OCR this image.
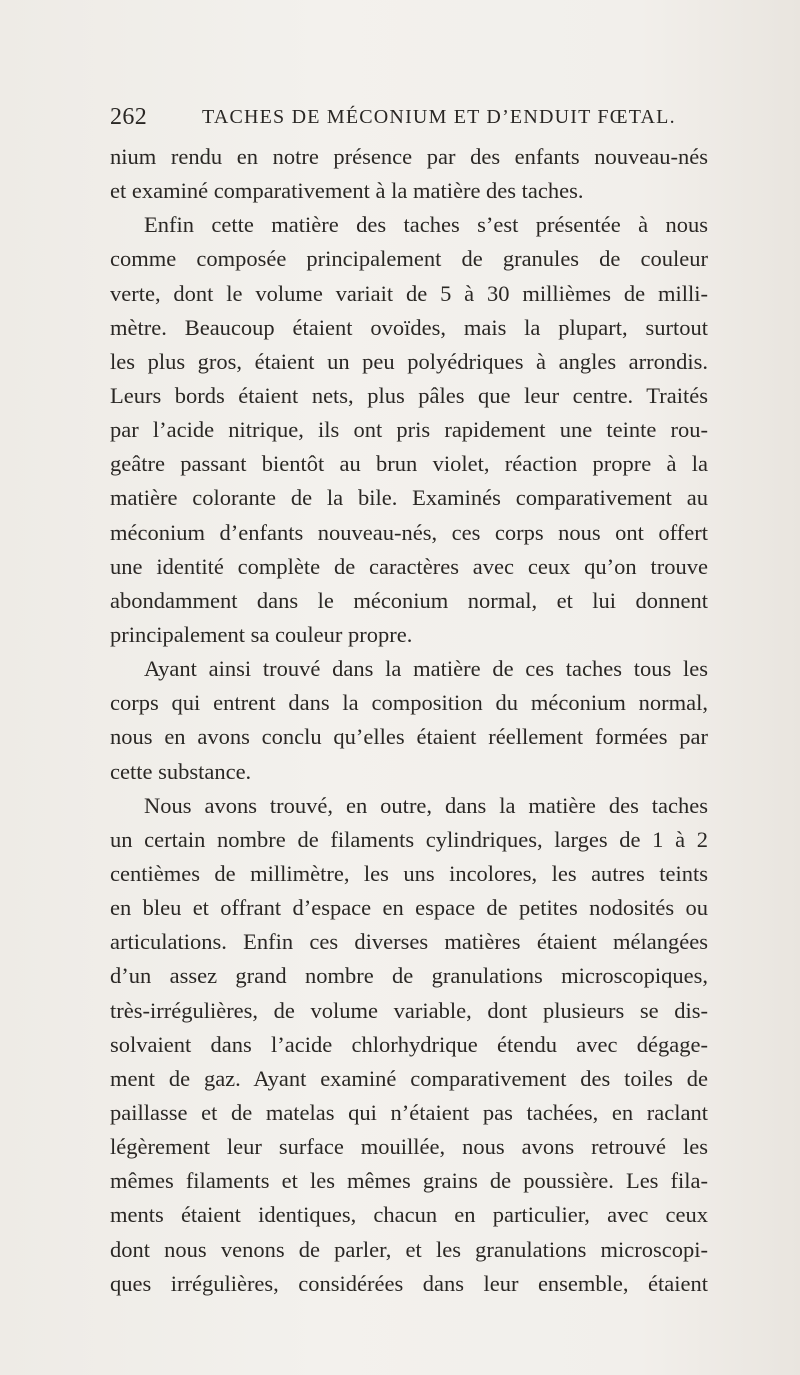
262	TACHES DE MÉCONIUM ET D’ENDUIT FŒTAL.
nium rendu en notre présence par des enfants nouveau-nés
et examiné comparativement à la matière des taches.
Enfin cette matière des taches s’est présentée à nous
comme composée principalement de granules de couleur
verte, dont le volume variait de 5 à 30 millièmes de milli-
mètre. Beaucoup étaient ovoïdes, mais la plupart, surtout
les plus gros, étaient un peu polyédriques à angles arrondis.
Leurs bords étaient nets, plus pâles que leur centre. Traités
par l’acide nitrique, ils ont pris rapidement une teinte rou-
geâtre passant bientôt au brun violet, réaction propre à la
matière colorante de la bile. Examinés comparativement au
méconium d’enfants nouveau-nés, ces corps nous ont offert
une identité complète de caractères avec ceux qu’on trouve
abondamment dans le méconium normal, et lui donnent
principalement sa couleur propre.
Ayant ainsi trouvé dans la matière de ces taches tous les
corps qui entrent dans la composition du méconium normal,
nous en avons conclu qu’elles étaient réellement formées par
cette substance.
Nous avons trouvé, en outre, dans la matière des taches
un certain nombre de filaments cylindriques, larges de 1 à 2
centièmes de millimètre, les uns incolores, les autres teints
en bleu et offrant d’espace en espace de petites nodosités ou
articulations. Enfin ces diverses matières étaient mélangées
d’un assez grand nombre de granulations microscopiques,
très-irrégulières, de volume variable, dont plusieurs se dis-
solvaient dans l’acide chlorhydrique étendu avec dégage-
ment de gaz. Ayant examiné comparativement des toiles de
paillasse et de matelas qui n’étaient pas tachées, en raclant
légèrement leur surface mouillée, nous avons retrouvé les
mêmes filaments et les mêmes grains de poussière. Les fila-
ments étaient identiques, chacun en particulier, avec ceux
dont nous venons de parler, et les granulations microscopi-
ques irrégulières, considérées dans leur ensemble, étaient
